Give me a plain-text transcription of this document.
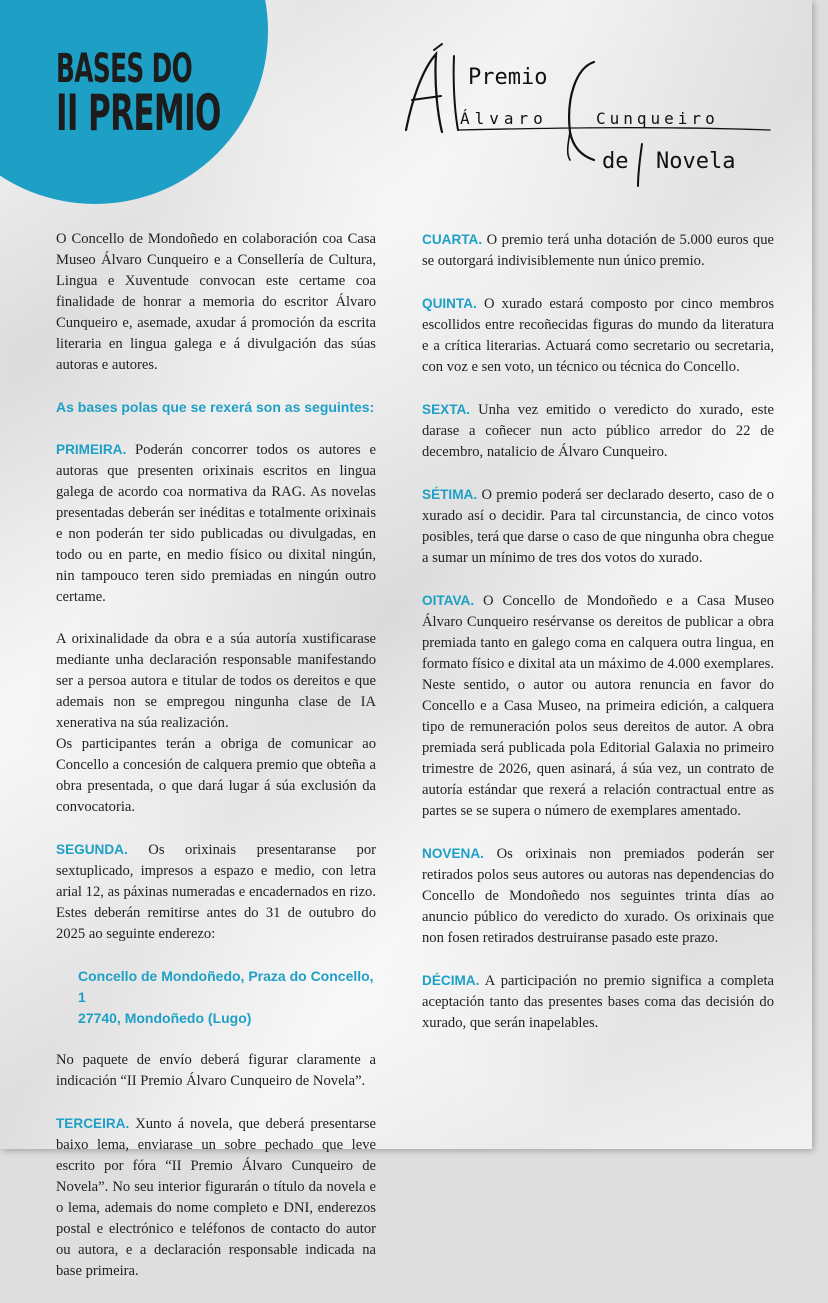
BASES DO
II PREMIO
Premio
Álvaro	Cunqueiro
de Novela

O Concello de Mondoñedo en colaboración coa Casa Museo Álvaro Cunqueiro e a Consellería de Cultura, Lingua e Xuventude convocan este certame coa finalidade de honrar a memoria do escritor Álvaro Cunqueiro e, asemade, axudar á promoción da escrita literaria en lingua galega e á divulgación das súas autoras e autores.

As bases polas que se rexerá son as seguintes:

PRIMEIRA. Poderán concorrer todos os autores e autoras que presenten orixinais escritos en lingua galega de acordo coa normativa da RAG. As novelas presentadas deberán ser inéditas e totalmente orixinais e non poderán ter sido publicadas ou divulgadas, en todo ou en parte, en medio físico ou dixital ningún, nin tampouco teren sido premiadas en ningún outro certame.

A orixinalidade da obra e a súa autoría xustificarase mediante unha declaración responsable manifestando ser a persoa autora e titular de todos os dereitos e que ademais non se empregou ningunha clase de IA xenerativa na súa realización.

Os participantes terán a obriga de comunicar ao Concello a concesión de calquera premio que obteña a obra presentada, o que dará lugar á súa exclusión da convocatoria.

SEGUNDA. Os orixinais presentaranse por sextuplicado, impresos a espazo e medio, con letra arial 12, as páxinas numeradas e encadernados en rizo. Estes deberán remitirse antes do 31 de outubro do 2025 ao seguinte enderezo:

Concello de Mondoñedo, Praza do Concello, 1
27740, Mondoñedo (Lugo)

No paquete de envío deberá figurar claramente a indicación “II Premio Álvaro Cunqueiro de Novela”.

TERCEIRA. Xunto á novela, que deberá presentarse baixo lema, enviarase un sobre pechado que leve escrito por fóra “II Premio Álvaro Cunqueiro de Novela”. No seu interior figurarán o título da novela e o lema, ademais do nome completo e DNI, enderezos postal e electrónico e teléfonos de contacto do autor ou autora, e a declaración responsable indicada na base primeira.

CUARTA. O premio terá unha dotación de 5.000 euros que se outorgará indivisiblemente nun único premio.

QUINTA. O xurado estará composto por cinco membros escollidos entre recoñecidas figuras do mundo da literatura e a crítica literarias. Actuará como secretario ou secretaria, con voz e sen voto, un técnico ou técnica do Concello.

SEXTA. Unha vez emitido o veredicto do xurado, este darase a coñecer nun acto público arredor do 22 de decembro, natalicio de Álvaro Cunqueiro.

SÉTIMA. O premio poderá ser declarado deserto, caso de o xurado así o decidir. Para tal circunstancia, de cinco votos posibles, terá que darse o caso de que ningunha obra chegue a sumar un mínimo de tres dos votos do xurado.

OITAVA. O Concello de Mondoñedo e a Casa Museo Álvaro Cunqueiro resérvanse os dereitos de publicar a obra premiada tanto en galego coma en calquera outra lingua, en formato físico e dixital ata un máximo de 4.000 exemplares. Neste sentido, o autor ou autora renuncia en favor do Concello e a Casa Museo, na primeira edición, a calquera tipo de remuneración polos seus dereitos de autor. A obra premiada será publicada pola Editorial Galaxia no primeiro trimestre de 2026, quen asinará, á súa vez, un contrato de autoría estándar que rexerá a relación contractual entre as partes se se supera o número de exemplares amentado.

NOVENA. Os orixinais non premiados poderán ser retirados polos seus autores ou autoras nas dependencias do Concello de Mondoñedo nos seguintes trinta días ao anuncio público do veredicto do xurado. Os orixinais que non fosen retirados destruiranse pasado este prazo.

DÉCIMA. A participación no premio significa a completa aceptación tanto das presentes bases coma das decisión do xurado, que serán inapelables.
